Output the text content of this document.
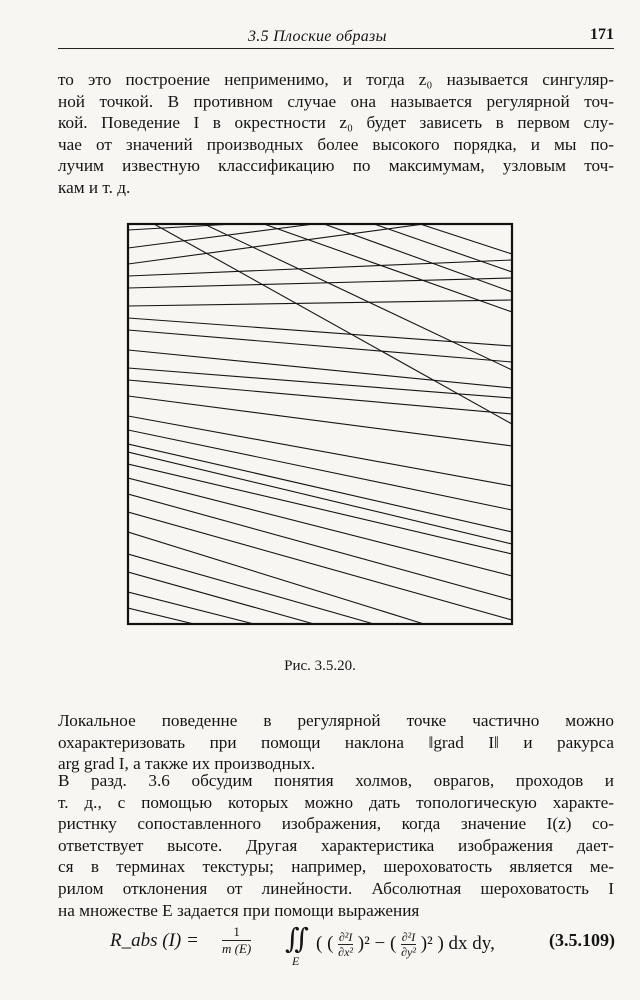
3.5 Плоские образы	171
то это построение неприменимо, и тогда z₀ называется сингуляр-
ной точкой. В противном случае она называется регулярной точ-
кой. Поведение I в окрестности z₀ будет зависеть в первом слу-
чае от значений производных более высокого порядка, и мы по-
лучим известную классификацию по максимумам, узловым точ-
кам и т. д.
Рис. 3.5.20.
Локальное поведенне в регулярной точке частично можно
охарактеризовать при помощи наклона ‖grad I‖ и ракурса
arg grad I, а также их производных.
В разд. 3.6 обсудим понятия холмов, оврагов, проходов и
т. д., с помощью которых можно дать топологическую характе-
ристнку сопоставленного изображения, когда значение I(z) со-
ответствует высоте. Другая характеристика изображения дает-
ся в терминах текстуры; например, шероховатость является ме-
рилом отклонения от линейности. Абсолютная шероховатость I
на множестве E задается при помощи выражения
R_abs $(I) = \frac{1}{m (E)}$ ∬
E
( ( $\frac{\text{∂²I}}{\text{∂x²}} )^2$ − ( $\frac{\text{∂²I}}{\text{∂y²}} )^2$ ) dx dy,	(3.5.109)
